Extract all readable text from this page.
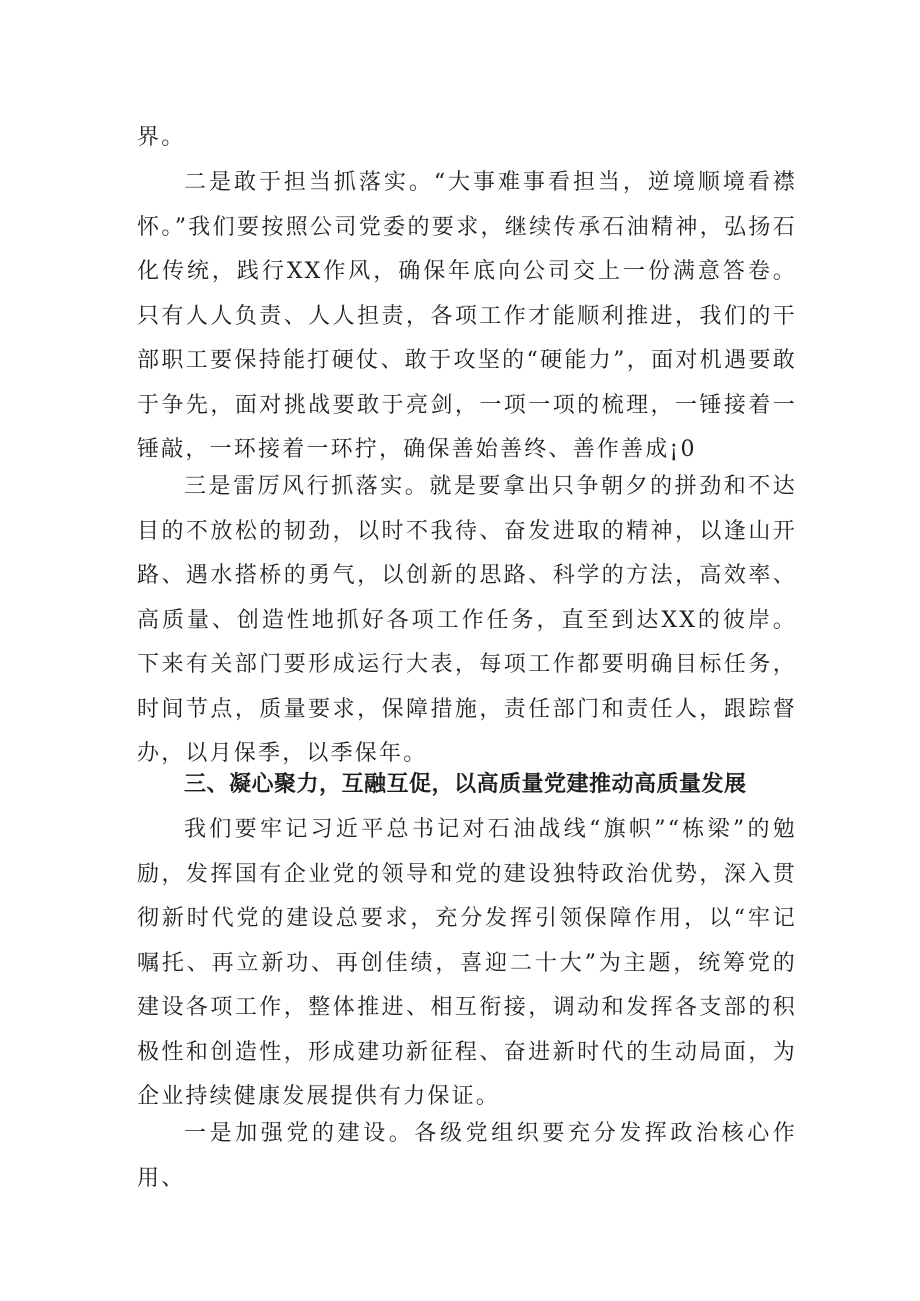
界。

二是敢于担当抓落实。“大事难事看担当，逆境顺境看襟怀。”我们要按照公司党委的要求，继续传承石油精神，弘扬石化传统，践行XX作风，确保年底向公司交上一份满意答卷。只有人人负责、人人担责，各项工作才能顺利推进，我们的干部职工要保持能打硬仗、敢于攻坚的“硬能力”，面对机遇要敢于争先，面对挑战要敢于亮剑，一项一项的梳理，一锤接着一锤敲，一环接着一环拧，确保善始善终、善作善成¡0

三是雷厉风行抓落实。就是要拿出只争朝夕的拼劲和不达目的不放松的韧劲，以时不我待、奋发进取的精神，以逢山开路、遇水搭桥的勇气，以创新的思路、科学的方法，高效率、高质量、创造性地抓好各项工作任务，直至到达XX的彼岸。下来有关部门要形成运行大表，每项工作都要明确目标任务，时间节点，质量要求，保障措施，责任部门和责任人，跟踪督办，以月保季，以季保年。

三、凝心聚力，互融互促，以高质量党建推动高质量发展

我们要牢记习近平总书记对石油战线“旗帜”“栋梁”的勉励，发挥国有企业党的领导和党的建设独特政治优势，深入贯彻新时代党的建设总要求，充分发挥引领保障作用，以“牢记嘱托、再立新功、再创佳绩，喜迎二十大”为主题，统筹党的建设各项工作，整体推进、相互衔接，调动和发挥各支部的积极性和创造性，形成建功新征程、奋进新时代的生动局面，为企业持续健康发展提供有力保证。

一是加强党的建设。各级党组织要充分发挥政治核心作用、
